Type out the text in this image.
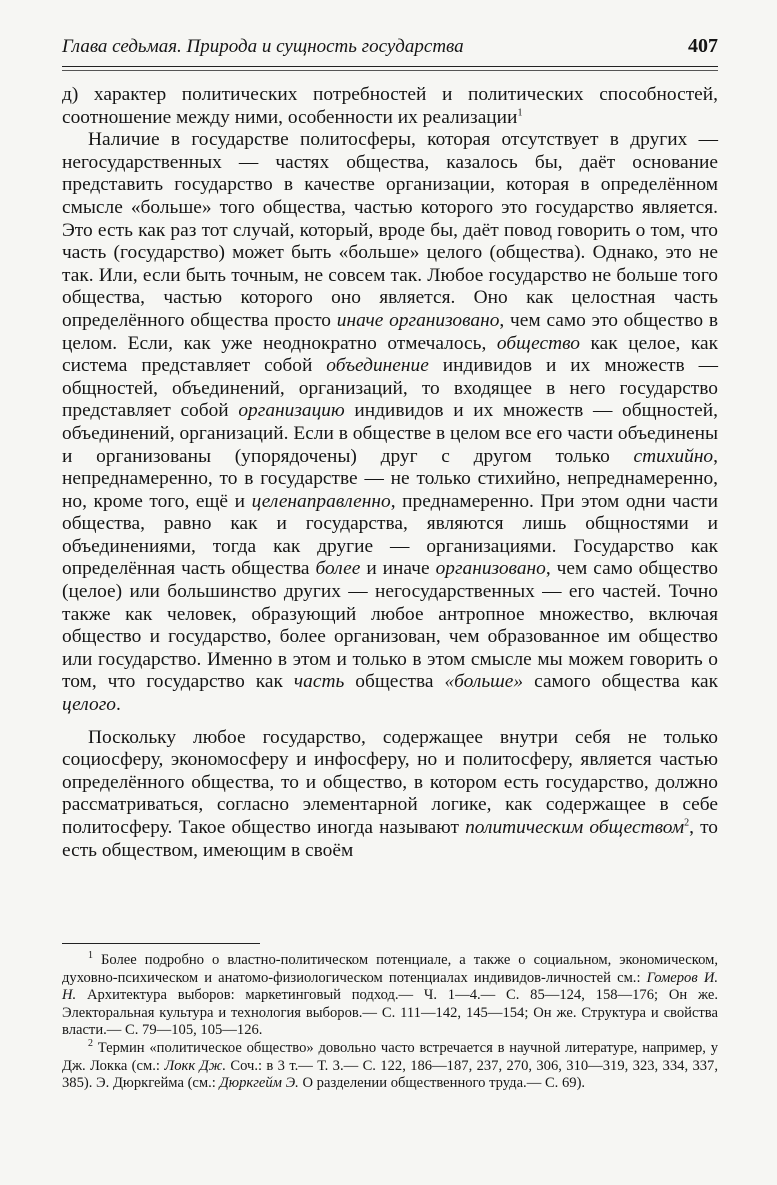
Глава седьмая. Природа и сущность государства	407

д) характер политических потребностей и политических способностей, соотношение между ними, особенности их реализации$^1$

Наличие в государстве политосферы, которая отсутствует в других — негосударственных — частях общества, казалось бы, даёт основание представить государство в качестве организации, которая в определённом смысле «больше» того общества, частью которого это государство является. Это есть как раз тот случай, который, вроде бы, даёт повод говорить о том, что часть (государство) может быть «больше» целого (общества). Однако, это не так. Или, если быть точным, не совсем так. Любое государство не больше того общества, частью которого оно является. Оно как целостная часть определённого общества просто иначе организовано, чем само это общество в целом. Если, как уже неоднократно отмечалось, общество как целое, как система представляет собой объединение индивидов и их множеств — общностей, объединений, организаций, то входящее в него государство представляет собой организацию индивидов и их множеств — общностей, объединений, организаций. Если в обществе в целом все его части объединены и организованы (упорядочены) друг с другом только стихийно, непреднамеренно, то в государстве — не только стихийно, непреднамеренно, но, кроме того, ещё и целенаправленно, преднамеренно. При этом одни части общества, равно как и государства, являются лишь общностями и объединениями, тогда как другие — организациями. Государство как определённая часть общества более и иначе организовано, чем само общество (целое) или большинство других — негосударственных — его частей. Точно также как человек, образующий любое антропное множество, включая общество и государство, более организован, чем образованное им общество или государство. Именно в этом и только в этом смысле мы можем говорить о том, что государство как часть общества «больше» самого общества как целого.

Поскольку любое государство, содержащее внутри себя не только социосферу, экономосферу и инфосферу, но и политосферу, является частью определённого общества, то и общество, в котором есть государство, должно рассматриваться, согласно элементарной логике, как содержащее в себе политосферу. Такое общество иногда называют политическим обществом$^2$, то есть обществом, имеющим в своём

$^1$ Более подробно о властно-политическом потенциале, а также о социальном, экономическом, духовно-психическом и анатомо-физиологическом потенциалах индивидов-личностей см.: Гомеров И. Н. Архитектура выборов: маркетинговый подход.— Ч. 1—4.— С. 85—124, 158—176; Он же. Электоральная культура и технология выборов.— С. 111—142, 145—154; Он же. Структура и свойства власти.— С. 79—105, 105—126.

$^2$ Термин «политическое общество» довольно часто встречается в научной литературе, например, у Дж. Локка (см.: Локк Дж. Соч.: в 3 т.— Т. 3.— С. 122, 186—187, 237, 270, 306, 310—319, 323, 334, 337, 385). Э. Дюркгейма (см.: Дюркгейм Э. О разделении общественного труда.— С. 69).
